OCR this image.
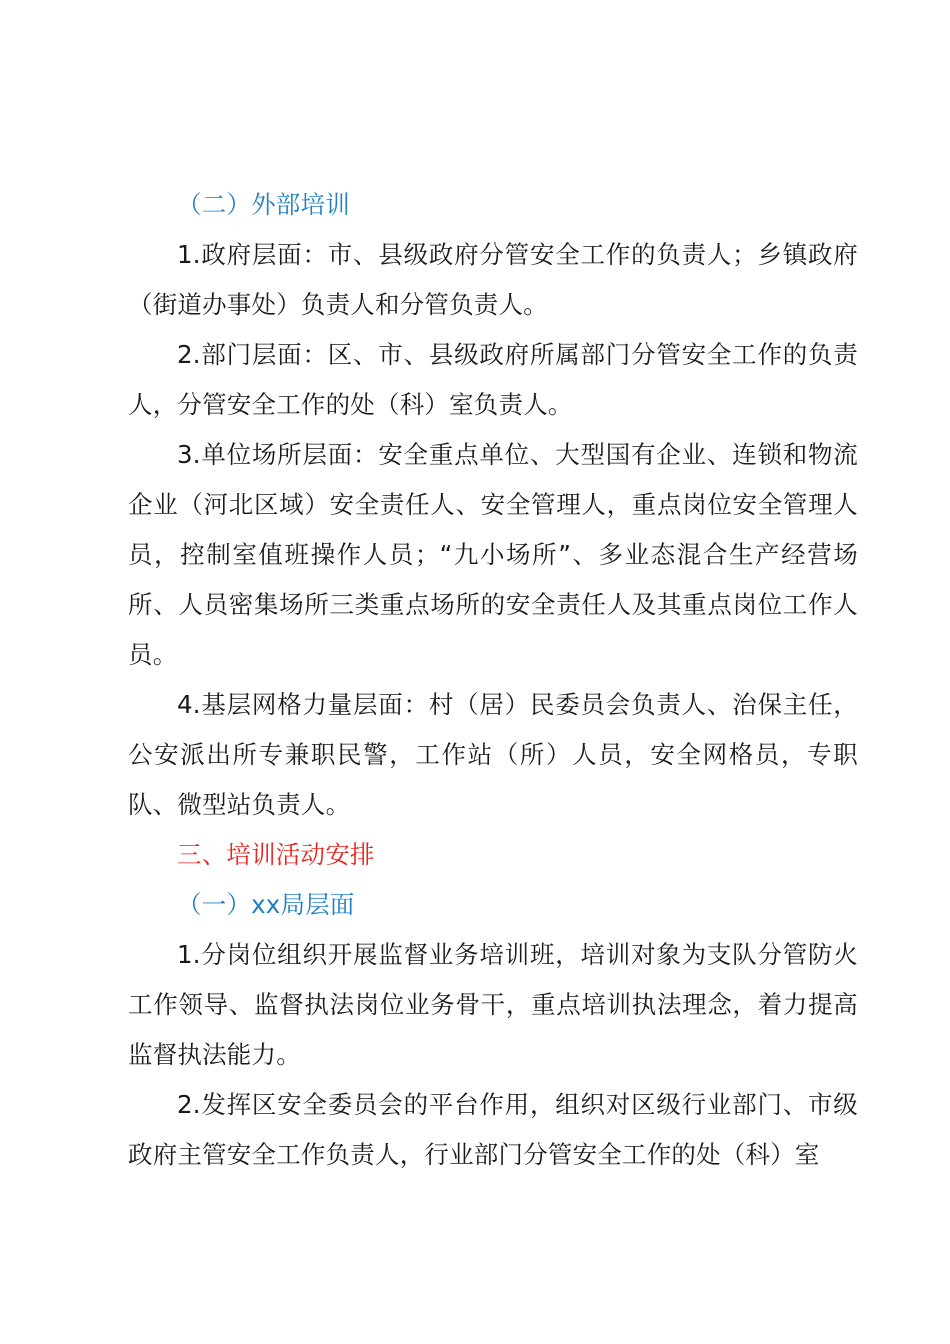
（二）外部培训

1.政府层面：市、县级政府分管安全工作的负责人；乡镇政府（街道办事处）负责人和分管负责人。

2.部门层面：区、市、县级政府所属部门分管安全工作的负责人，分管安全工作的处（科）室负责人。

3.单位场所层面：安全重点单位、大型国有企业、连锁和物流企业（河北区域）安全责任人、安全管理人，重点岗位安全管理人员，控制室值班操作人员；“九小场所”、多业态混合生产经营场所、人员密集场所三类重点场所的安全责任人及其重点岗位工作人员。

4.基层网格力量层面：村（居）民委员会负责人、治保主任，公安派出所专兼职民警，工作站（所）人员，安全网格员，专职队、微型站负责人。

三、培训活动安排

（一）xx局层面

1.分岗位组织开展监督业务培训班，培训对象为支队分管防火工作领导、监督执法岗位业务骨干，重点培训执法理念，着力提高监督执法能力。

2.发挥区安全委员会的平台作用，组织对区级行业部门、市级政府主管安全工作负责人，行业部门分管安全工作的处（科）室
